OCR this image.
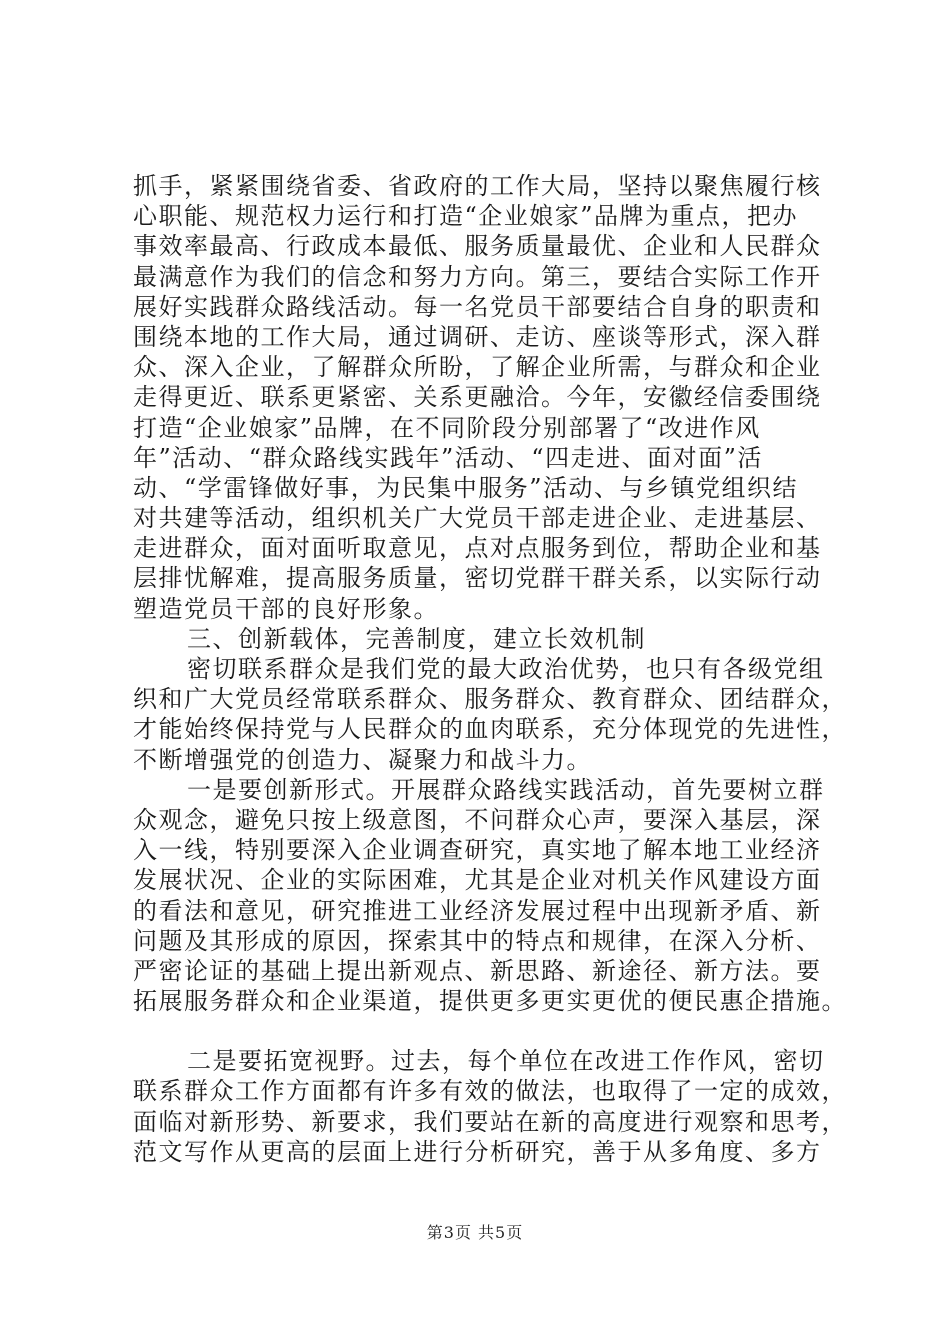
抓手，紧紧围绕省委、省政府的工作大局，坚持以聚焦履行核
心职能、规范权力运行和打造“企业娘家”品牌为重点，把办
事效率最高、行政成本最低、服务质量最优、企业和人民群众
最满意作为我们的信念和努力方向。第三，要结合实际工作开
展好实践群众路线活动。每一名党员干部要结合自身的职责和
围绕本地的工作大局，通过调研、走访、座谈等形式，深入群
众、深入企业，了解群众所盼，了解企业所需，与群众和企业
走得更近、联系更紧密、关系更融洽。今年，安徽经信委围绕
打造“企业娘家”品牌，在不同阶段分别部署了“改进作风
年”活动、“群众路线实践年”活动、“四走进、面对面”活
动、“学雷锋做好事，为民集中服务”活动、与乡镇党组织结
对共建等活动，组织机关广大党员干部走进企业、走进基层、
走进群众，面对面听取意见，点对点服务到位，帮助企业和基
层排忧解难，提高服务质量，密切党群干群关系，以实际行动
塑造党员干部的良好形象。
三、创新载体，完善制度，建立长效机制
密切联系群众是我们党的最大政治优势，也只有各级党组
织和广大党员经常联系群众、服务群众、教育群众、团结群众，
才能始终保持党与人民群众的血肉联系，充分体现党的先进性，
不断增强党的创造力、凝聚力和战斗力。
一是要创新形式。开展群众路线实践活动，首先要树立群
众观念，避免只按上级意图，不问群众心声，要深入基层，深
入一线，特别要深入企业调查研究，真实地了解本地工业经济
发展状况、企业的实际困难，尤其是企业对机关作风建设方面
的看法和意见，研究推进工业经济发展过程中出现新矛盾、新
问题及其形成的原因，探索其中的特点和规律，在深入分析、
严密论证的基础上提出新观点、新思路、新途径、新方法。要
拓展服务群众和企业渠道，提供更多更实更优的便民惠企措施。
二是要拓宽视野。过去，每个单位在改进工作作风，密切
联系群众工作方面都有许多有效的做法，也取得了一定的成效，
面临对新形势、新要求，我们要站在新的高度进行观察和思考，
范文写作从更高的层面上进行分析研究，善于从多角度、多方
第3页 共5页
